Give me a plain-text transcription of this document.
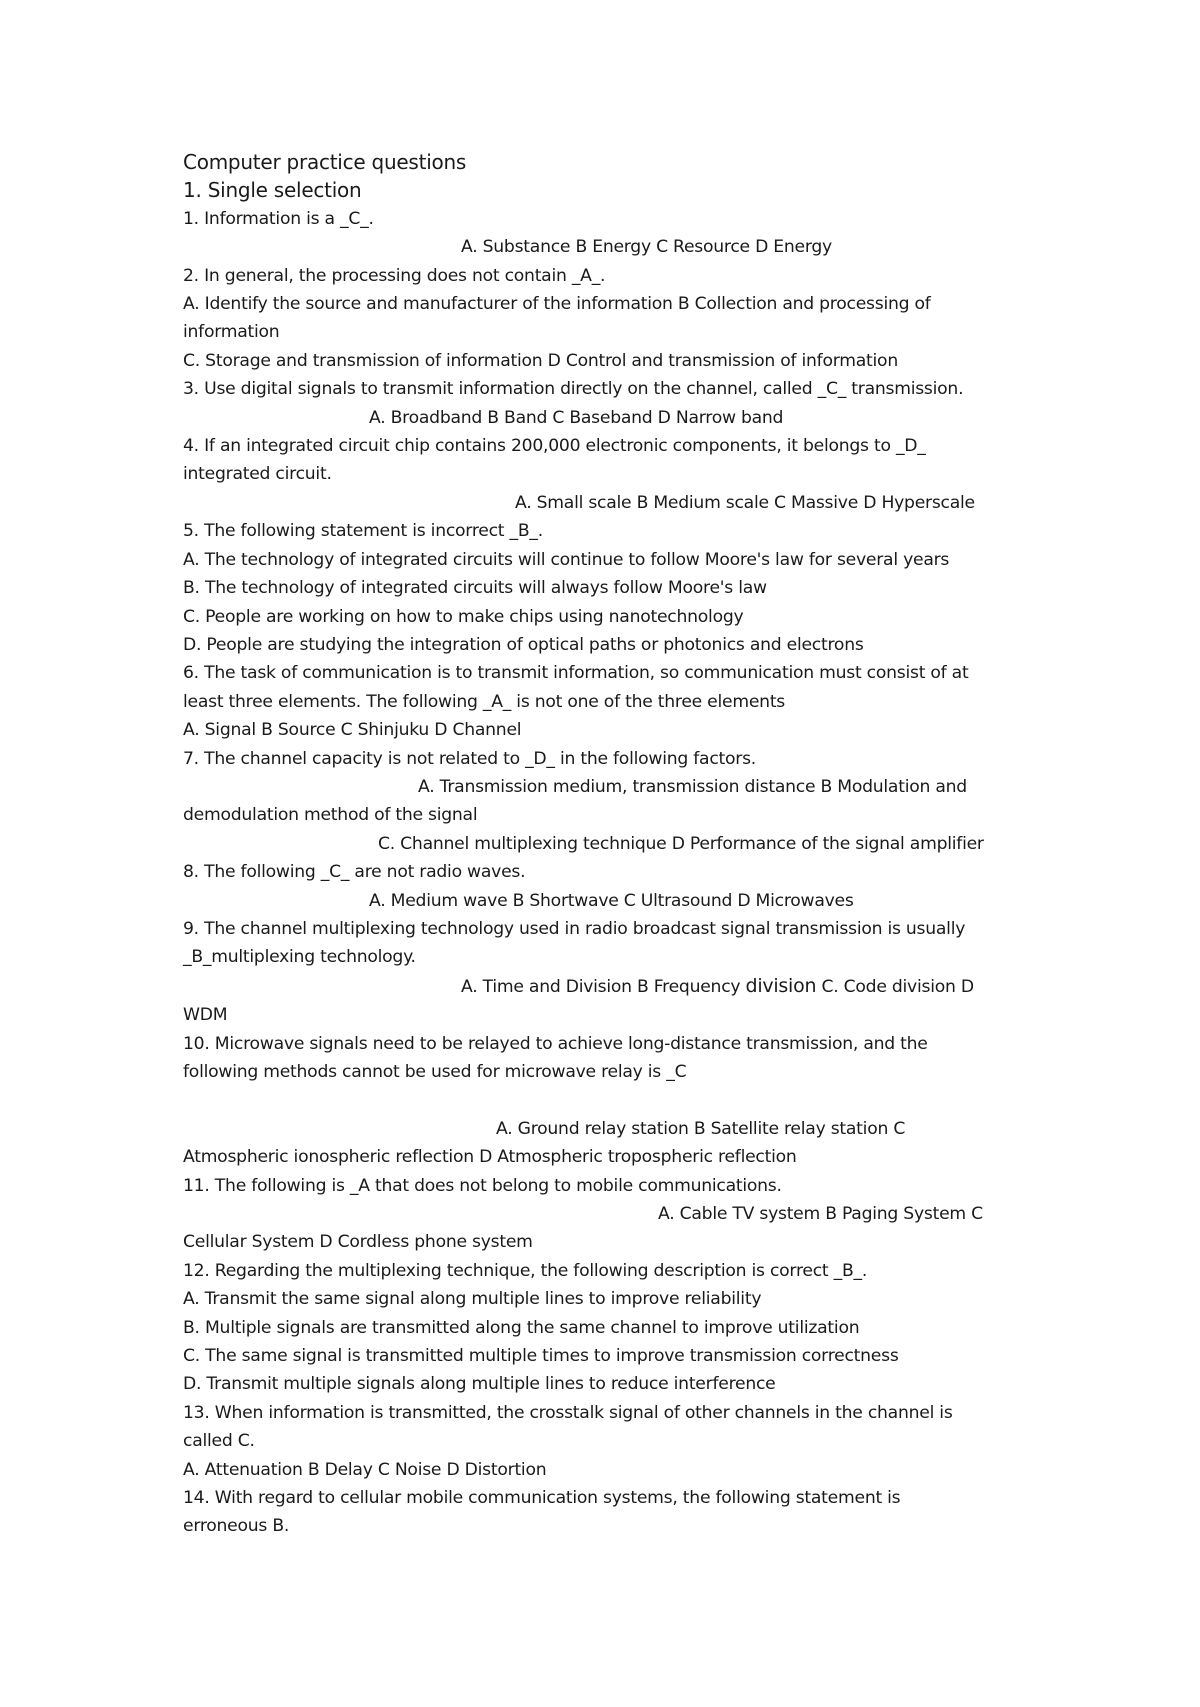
Computer practice questions

1. Single selection

1. Information is a _C_.

A. Substance B Energy C Resource D Energy

2. In general, the processing does not contain _A_.

A. Identify the source and manufacturer of the information B Collection and processing of

information

C. Storage and transmission of information D Control and transmission of information

3. Use digital signals to transmit information directly on the channel, called _C_ transmission.

A. Broadband B Band C Baseband D Narrow band

4. If an integrated circuit chip contains 200,000 electronic components, it belongs to _D_

integrated circuit.

A. Small scale B Medium scale C Massive D Hyperscale

5. The following statement is incorrect _B_.

A. The technology of integrated circuits will continue to follow Moore's law for several years

B. The technology of integrated circuits will always follow Moore's law

C. People are working on how to make chips using nanotechnology

D. People are studying the integration of optical paths or photonics and electrons

6. The task of communication is to transmit information, so communication must consist of at

least three elements. The following _A_ is not one of the three elements

A. Signal B Source C Shinjuku D Channel

7. The channel capacity is not related to _D_ in the following factors.

A. Transmission medium, transmission distance B Modulation and

demodulation method of the signal

C. Channel multiplexing technique D Performance of the signal amplifier

8. The following _C_ are not radio waves.

A. Medium wave B Shortwave C Ultrasound D Microwaves

9. The channel multiplexing technology used in radio broadcast signal transmission is usually

_B_multiplexing technology.

A. Time and Division B Frequency division C. Code division D

WDM

10. Microwave signals need to be relayed to achieve long-distance transmission, and the

following methods cannot be used for microwave relay is _C

A. Ground relay station B Satellite relay station C

Atmospheric ionospheric reflection D Atmospheric tropospheric reflection

11. The following is _A that does not belong to mobile communications.

A. Cable TV system B Paging System C

Cellular System D Cordless phone system

12. Regarding the multiplexing technique, the following description is correct _B_.

A. Transmit the same signal along multiple lines to improve reliability

B. Multiple signals are transmitted along the same channel to improve utilization

C. The same signal is transmitted multiple times to improve transmission correctness

D. Transmit multiple signals along multiple lines to reduce interference

13. When information is transmitted, the crosstalk signal of other channels in the channel is

called C.

A. Attenuation B Delay C Noise D Distortion

14. With regard to cellular mobile communication systems, the following statement is

erroneous B.
